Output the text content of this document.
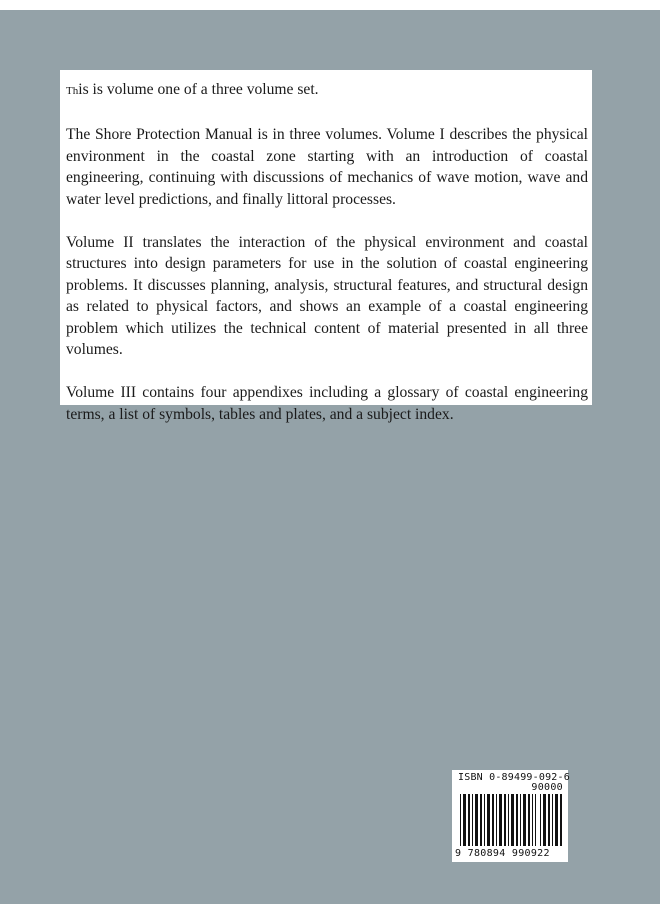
This is volume one of a three volume set.

The Shore Protection Manual is in three volumes. Volume I describes the physical environment in the coastal zone starting with an introduction of coastal engineering, continuing with discussions of mechanics of wave motion, wave and water level predictions, and finally littoral processes.

Volume II translates the interaction of the physical environment and coastal structures into design parameters for use in the solution of coastal engineering problems. It discusses planning, analysis, structural features, and structural design as related to physical factors, and shows an example of a coastal engineering problem which utilizes the technical content of material presented in all three volumes.

Volume III contains four appendixes including a glossary of coastal engineering terms, a list of symbols, tables and plates, and a subject index.

ISBN 0-89499-092-6
90000
9 780894 990922
